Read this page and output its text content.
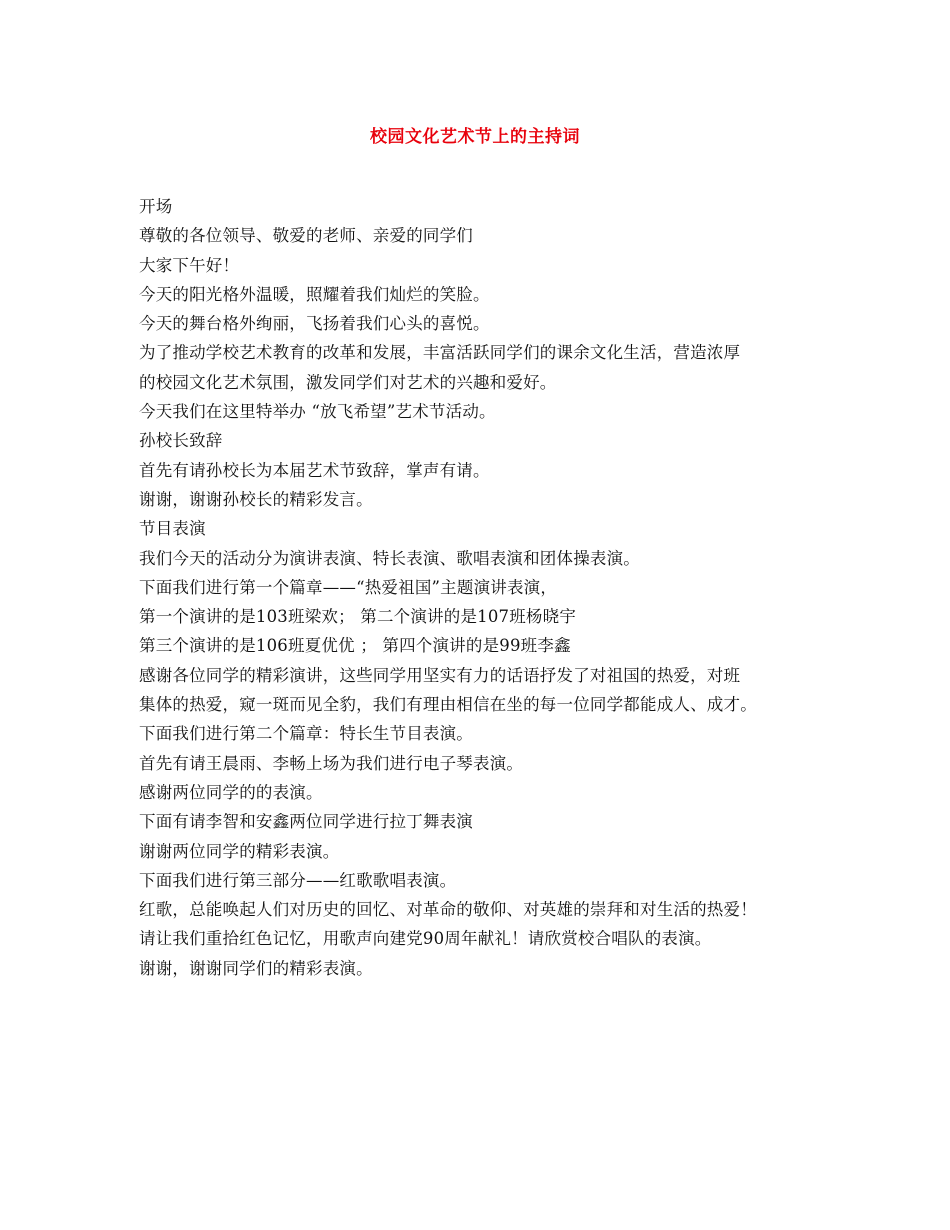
校园文化艺术节上的主持词
开场
尊敬的各位领导、敬爱的老师、亲爱的同学们
大家下午好！
今天的阳光格外温暖，照耀着我们灿烂的笑脸。
今天的舞台格外绚丽，飞扬着我们心头的喜悦。
为了推动学校艺术教育的改革和发展，丰富活跃同学们的课余文化生活，营造浓厚
的校园文化艺术氛围，激发同学们对艺术的兴趣和爱好。
今天我们在这里特举办 “放飞希望”艺术节活动。
孙校长致辞
首先有请孙校长为本届艺术节致辞，掌声有请。
谢谢，谢谢孙校长的精彩发言。
节目表演
我们今天的活动分为演讲表演、特长表演、歌唱表演和团体操表演。
下面我们进行第一个篇章——“热爱祖国”主题演讲表演，
第一个演讲的是103班梁欢； 第二个演讲的是107班杨晓宇
第三个演讲的是106班夏优优 ； 第四个演讲的是99班李鑫
感谢各位同学的精彩演讲，这些同学用坚实有力的话语抒发了对祖国的热爱，对班
集体的热爱，窥一斑而见全豹，我们有理由相信在坐的每一位同学都能成人、成才。
下面我们进行第二个篇章：特长生节目表演。
首先有请王晨雨、李畅上场为我们进行电子琴表演。
感谢两位同学的的表演。
下面有请李智和安鑫两位同学进行拉丁舞表演
谢谢两位同学的精彩表演。
下面我们进行第三部分——红歌歌唱表演。
红歌，总能唤起人们对历史的回忆、对革命的敬仰、对英雄的崇拜和对生活的热爱！
请让我们重拾红色记忆，用歌声向建党90周年献礼！请欣赏校合唱队的表演。
谢谢，谢谢同学们的精彩表演。
